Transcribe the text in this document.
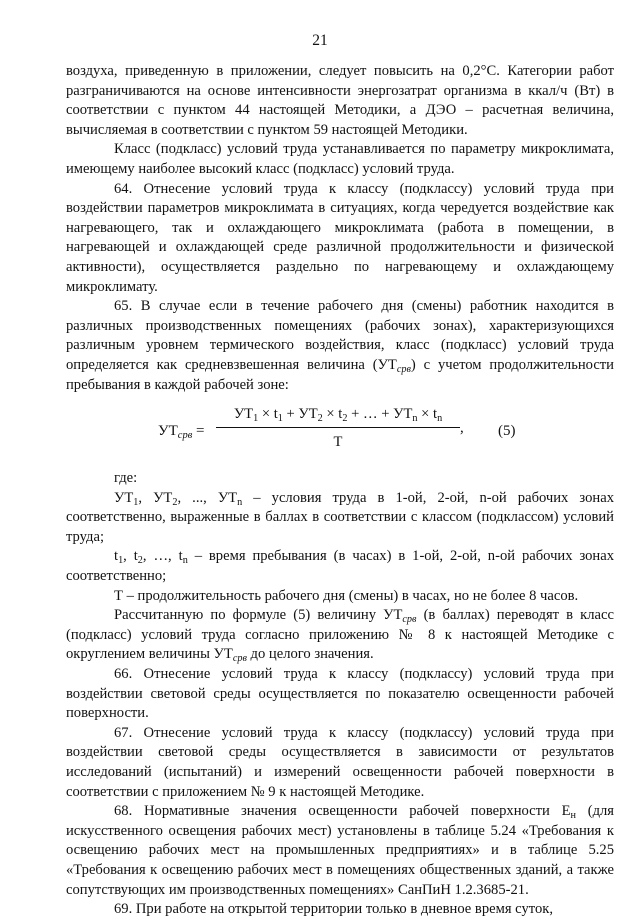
21

воздуха, приведенную в приложении, следует повысить на 0,2°С. Категории работ разграничиваются на основе интенсивности энергозатрат организма в ккал/ч (Вт) в соответствии с пунктом 44 настоящей Методики, а ДЭО – расчетная величина, вычисляемая в соответствии с пунктом 59 настоящей Методики.

Класс (подкласс) условий труда устанавливается по параметру микроклимата, имеющему наиболее высокий класс (подкласс) условий труда.

64. Отнесение условий труда к классу (подклассу) условий труда при воздействии параметров микроклимата в ситуациях, когда чередуется воздействие как нагревающего, так и охлаждающего микроклимата (работа в помещении, в нагревающей и охлаждающей среде различной продолжительности и физической активности), осуществляется раздельно по нагревающему и охлаждающему микроклимату.

65. В случае если в течение рабочего дня (смены) работник находится в различных производственных помещениях (рабочих зонах), характеризующихся различным уровнем термического воздействия, класс (подкласс) условий труда определяется как средневзвешенная величина $(УТ_{срв})$ с учетом продолжительности пребывания в каждой рабочей зоне:

$УТ_{срв}$ =
$УТ_1 \times t_1 + УТ_2 \times t_2$ + … + $УТ_n \times t_n$
T
, (5)

где:

$УТ_1$, $УТ_2$, ..., $УТ_n$ – условия труда в 1-ой, 2-ой, n-ой рабочих зонах соответственно, выраженные в баллах в соответствии с классом (подклассом) условий труда;

$t_1$, $t_2$, …, $t_n$ – время пребывания (в часах) в 1-ой, 2-ой, n-ой рабочих зонах соответственно;

Т – продолжительность рабочего дня (смены) в часах, но не более 8 часов.

Рассчитанную по формуле (5) величину $УТ_{срв}$ (в баллах) переводят в класс (подкласс) условий труда согласно приложению № 8 к настоящей Методике с округлением величины $УТ_{срв}$ до целого значения.

66. Отнесение условий труда к классу (подклассу) условий труда при воздействии световой среды осуществляется по показателю освещенности рабочей поверхности.

67. Отнесение условий труда к классу (подклассу) условий труда при воздействии световой среды осуществляется в зависимости от результатов исследований (испытаний) и измерений освещенности рабочей поверхности в соответствии с приложением № 9 к настоящей Методике.

68. Нормативные значения освещенности рабочей поверхности $Е_н$ (для искусственного освещения рабочих мест) установлены в таблице 5.24 «Требования к освещению рабочих мест на промышленных предприятиях» и в таблице 5.25 «Требования к освещению рабочих мест в помещениях общественных зданий, а также сопутствующих им производственных помещениях» СанПиН 1.2.3685-21.

69. При работе на открытой территории только в дневное время суток,
